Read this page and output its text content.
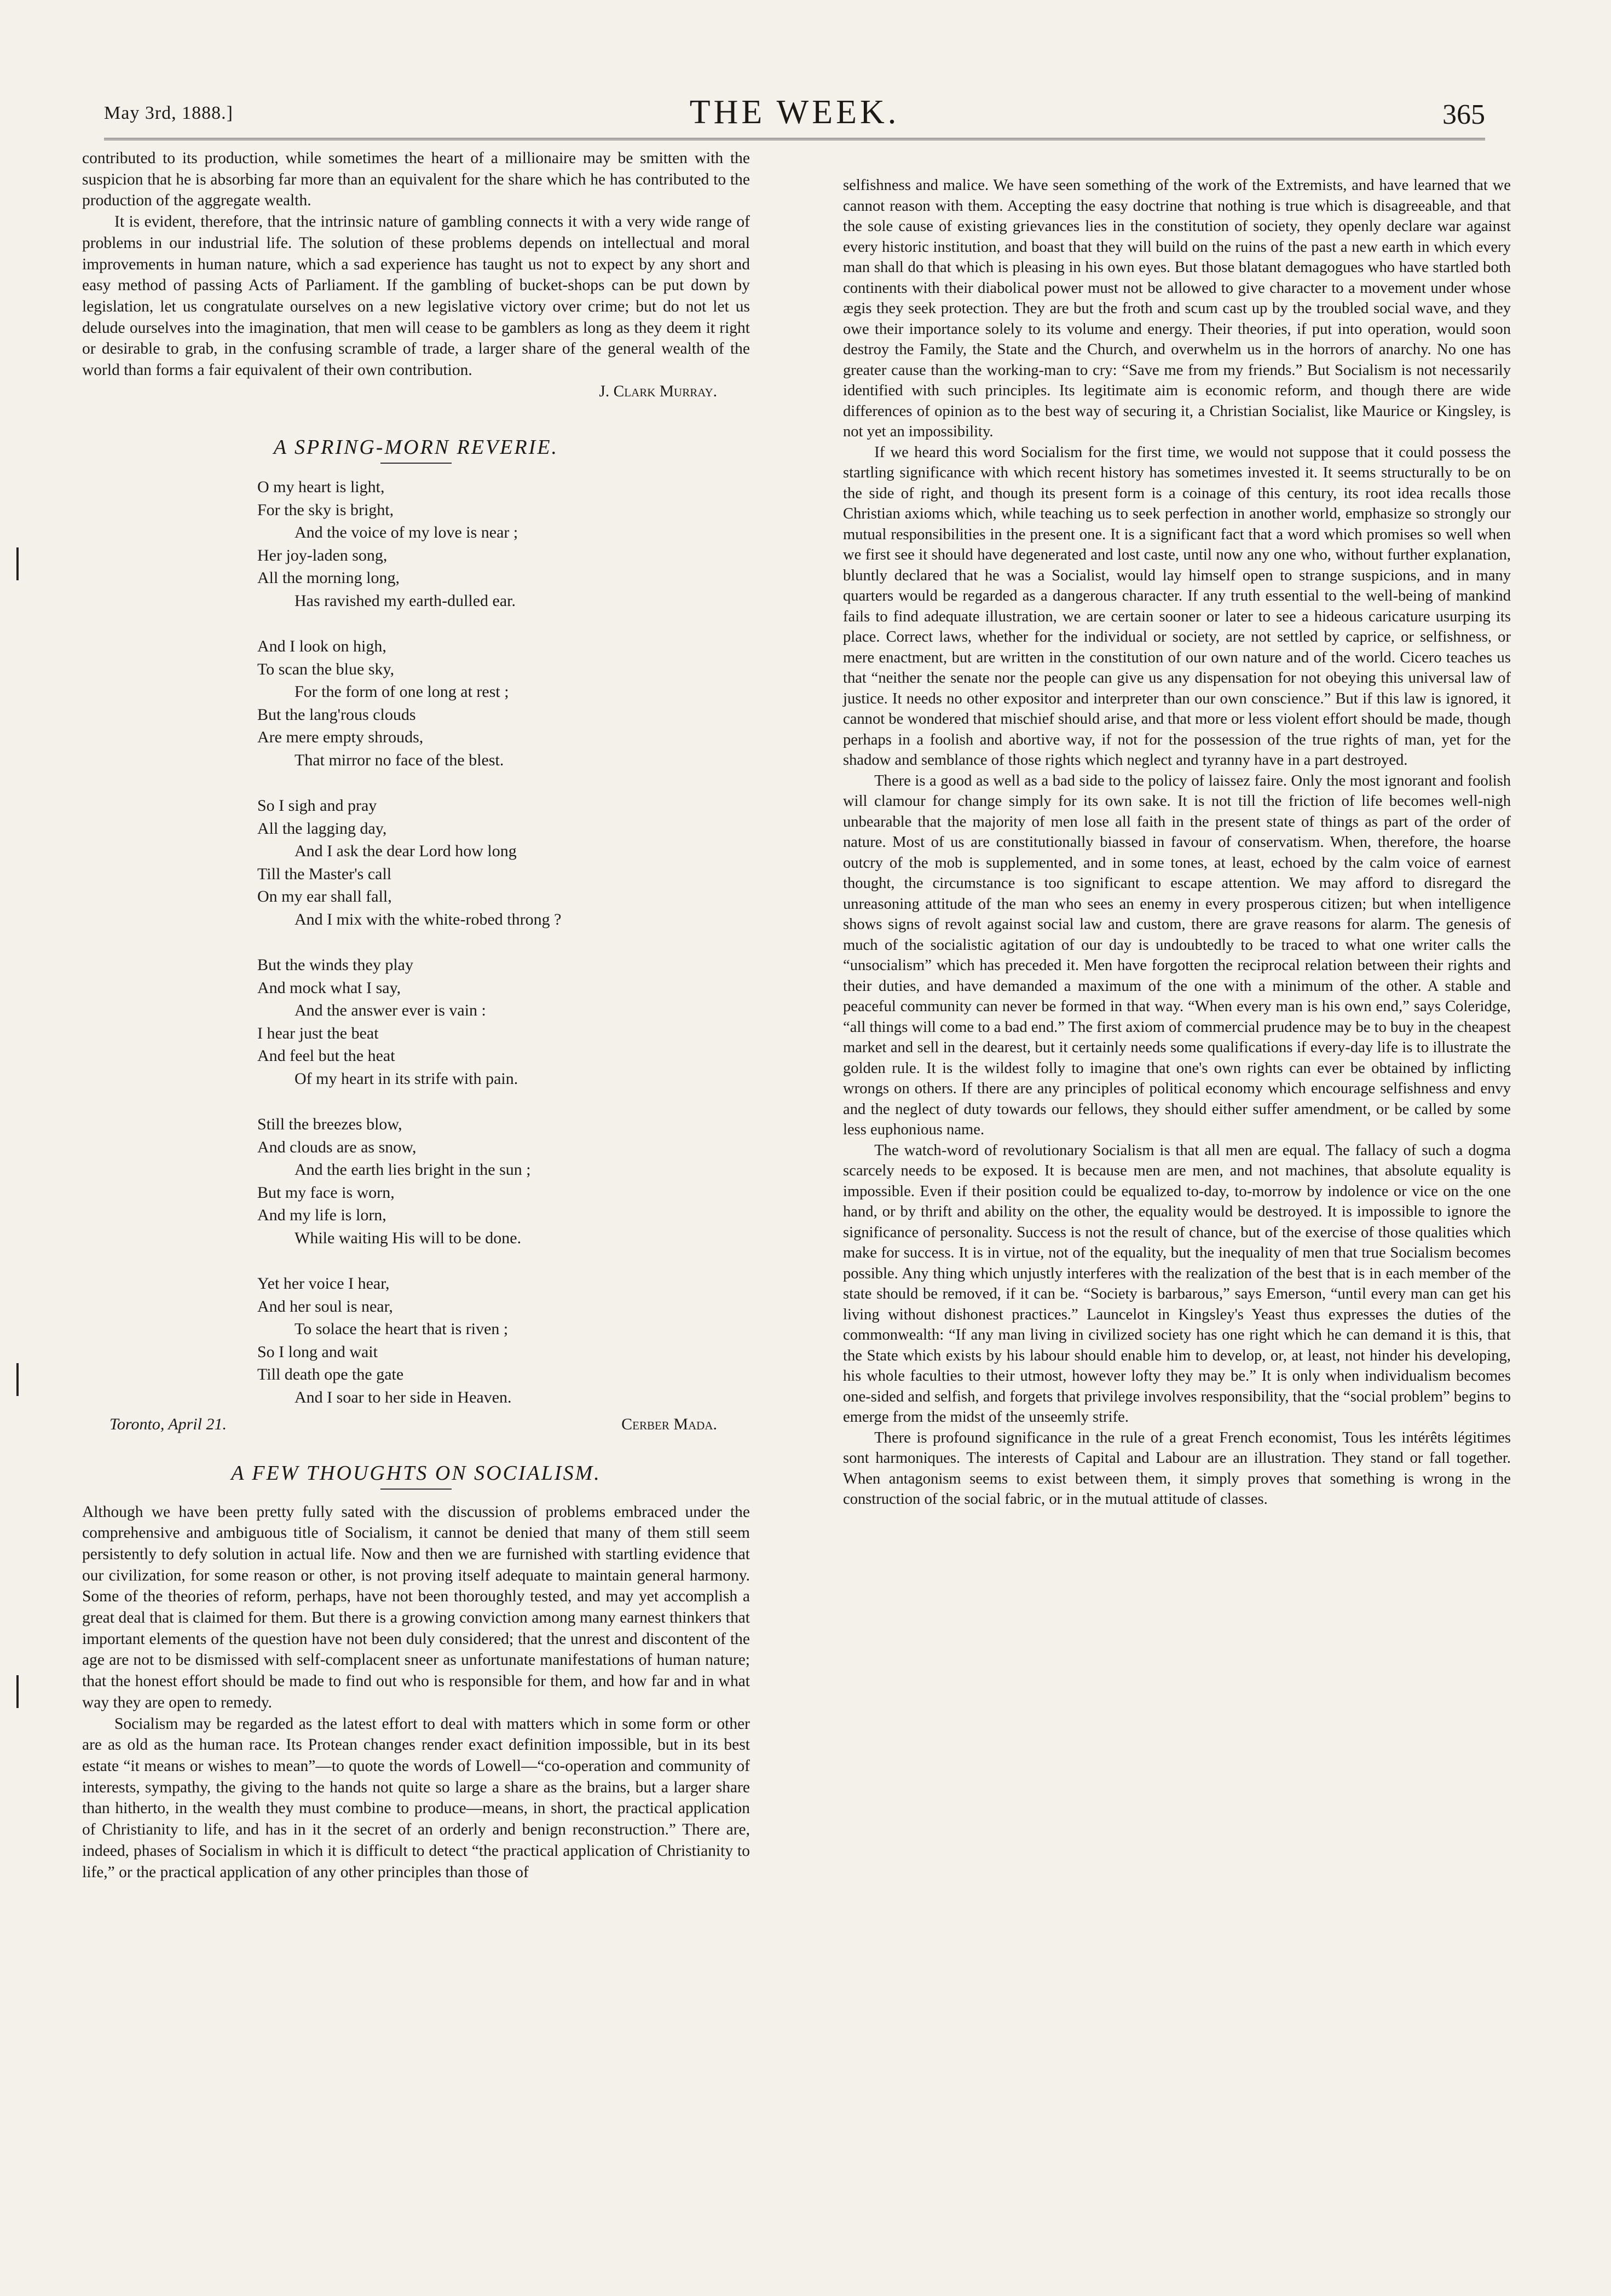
May 3rd, 1888.]	THE WEEK.	365

contributed to its production, while sometimes the heart of a millionaire may be smitten with the suspicion that he is absorbing far more than an equivalent for the share which he has contributed to the production of the aggregate wealth.

It is evident, therefore, that the intrinsic nature of gambling connects it with a very wide range of problems in our industrial life. The solution of these problems depends on intellectual and moral improvements in human nature, which a sad experience has taught us not to expect by any short and easy method of passing Acts of Parliament. If the gambling of bucket-shops can be put down by legislation, let us congratulate ourselves on a new legislative victory over crime; but do not let us delude ourselves into the imagination, that men will cease to be gamblers as long as they deem it right or desirable to grab, in the confusing scramble of trade, a larger share of the general wealth of the world than forms a fair equivalent of their own contribution.

J. Clark Murray.
A SPRING-MORN REVERIE.
O my heart is light,
For the sky is bright,
And the voice of my love is near ;
Her joy-laden song,
All the morning long,
Has ravished my earth-dulled ear.
And I look on high,
To scan the blue sky,
For the form of one long at rest ;
But the lang'rous clouds
Are mere empty shrouds,
That mirror no face of the blest.
So I sigh and pray
All the lagging day,
And I ask the dear Lord how long
Till the Master's call
On my ear shall fall,
And I mix with the white-robed throng ?
But the winds they play
And mock what I say,
And the answer ever is vain :
I hear just the beat
And feel but the heat
Of my heart in its strife with pain.
Still the breezes blow,
And clouds are as snow,
And the earth lies bright in the sun ;
But my face is worn,
And my life is lorn,
While waiting His will to be done.
Yet her voice I hear,
And her soul is near,
To solace the heart that is riven ;
So I long and wait
Till death ope the gate
And I soar to her side in Heaven.
Toronto, April 21.	Cerber Mada.
A FEW THOUGHTS ON SOCIALISM.

Although we have been pretty fully sated with the discussion of problems embraced under the comprehensive and ambiguous title of Socialism, it cannot be denied that many of them still seem persistently to defy solution in actual life. Now and then we are furnished with startling evidence that our civilization, for some reason or other, is not proving itself adequate to maintain general harmony. Some of the theories of reform, perhaps, have not been thoroughly tested, and may yet accomplish a great deal that is claimed for them. But there is a growing conviction among many earnest thinkers that important elements of the question have not been duly considered; that the unrest and discontent of the age are not to be dismissed with self-complacent sneer as unfortunate manifestations of human nature; that the honest effort should be made to find out who is responsible for them, and how far and in what way they are open to remedy.

Socialism may be regarded as the latest effort to deal with matters which in some form or other are as old as the human race. Its Protean changes render exact definition impossible, but in its best estate “it means or wishes to mean”—to quote the words of Lowell—“co-operation and community of interests, sympathy, the giving to the hands not quite so large a share as the brains, but a larger share than hitherto, in the wealth they must combine to produce—means, in short, the practical application of Christianity to life, and has in it the secret of an orderly and benign reconstruction.” There are, indeed, phases of Socialism in which it is difficult to detect “the practical application of Christianity to life,” or the practical application of any other principles than those of

selfishness and malice. We have seen something of the work of the Extremists, and have learned that we cannot reason with them. Accepting the easy doctrine that nothing is true which is disagreeable, and that the sole cause of existing grievances lies in the constitution of society, they openly declare war against every historic institution, and boast that they will build on the ruins of the past a new earth in which every man shall do that which is pleasing in his own eyes. But those blatant demagogues who have startled both continents with their diabolical power must not be allowed to give character to a movement under whose ægis they seek protection. They are but the froth and scum cast up by the troubled social wave, and they owe their importance solely to its volume and energy. Their theories, if put into operation, would soon destroy the Family, the State and the Church, and overwhelm us in the horrors of anarchy. No one has greater cause than the working-man to cry: “Save me from my friends.” But Socialism is not necessarily identified with such principles. Its legitimate aim is economic reform, and though there are wide differences of opinion as to the best way of securing it, a Christian Socialist, like Maurice or Kingsley, is not yet an impossibility.

If we heard this word Socialism for the first time, we would not suppose that it could possess the startling significance with which recent history has sometimes invested it. It seems structurally to be on the side of right, and though its present form is a coinage of this century, its root idea recalls those Christian axioms which, while teaching us to seek perfection in another world, emphasize so strongly our mutual responsibilities in the present one. It is a significant fact that a word which promises so well when we first see it should have degenerated and lost caste, until now any one who, without further explanation, bluntly declared that he was a Socialist, would lay himself open to strange suspicions, and in many quarters would be regarded as a dangerous character. If any truth essential to the well-being of mankind fails to find adequate illustration, we are certain sooner or later to see a hideous caricature usurping its place. Correct laws, whether for the individual or society, are not settled by caprice, or selfishness, or mere enactment, but are written in the constitution of our own nature and of the world. Cicero teaches us that “neither the senate nor the people can give us any dispensation for not obeying this universal law of justice. It needs no other expositor and interpreter than our own conscience.” But if this law is ignored, it cannot be wondered that mischief should arise, and that more or less violent effort should be made, though perhaps in a foolish and abortive way, if not for the possession of the true rights of man, yet for the shadow and semblance of those rights which neglect and tyranny have in a part destroyed.

There is a good as well as a bad side to the policy of laissez faire. Only the most ignorant and foolish will clamour for change simply for its own sake. It is not till the friction of life becomes well-nigh unbearable that the majority of men lose all faith in the present state of things as part of the order of nature. Most of us are constitutionally biassed in favour of conservatism. When, therefore, the hoarse outcry of the mob is supplemented, and in some tones, at least, echoed by the calm voice of earnest thought, the circumstance is too significant to escape attention. We may afford to disregard the unreasoning attitude of the man who sees an enemy in every prosperous citizen; but when intelligence shows signs of revolt against social law and custom, there are grave reasons for alarm. The genesis of much of the socialistic agitation of our day is undoubtedly to be traced to what one writer calls the “unsocialism” which has preceded it. Men have forgotten the reciprocal relation between their rights and their duties, and have demanded a maximum of the one with a minimum of the other. A stable and peaceful community can never be formed in that way. “When every man is his own end,” says Coleridge, “all things will come to a bad end.” The first axiom of commercial prudence may be to buy in the cheapest market and sell in the dearest, but it certainly needs some qualifications if every-day life is to illustrate the golden rule. It is the wildest folly to imagine that one's own rights can ever be obtained by inflicting wrongs on others. If there are any principles of political economy which encourage selfishness and envy and the neglect of duty towards our fellows, they should either suffer amendment, or be called by some less euphonious name.

The watch-word of revolutionary Socialism is that all men are equal. The fallacy of such a dogma scarcely needs to be exposed. It is because men are men, and not machines, that absolute equality is impossible. Even if their position could be equalized to-day, to-morrow by indolence or vice on the one hand, or by thrift and ability on the other, the equality would be destroyed. It is impossible to ignore the significance of personality. Success is not the result of chance, but of the exercise of those qualities which make for success. It is in virtue, not of the equality, but the inequality of men that true Socialism becomes possible. Any thing which unjustly interferes with the realization of the best that is in each member of the state should be removed, if it can be. “Society is barbarous,” says Emerson, “until every man can get his living without dishonest practices.” Launcelot in Kingsley's Yeast thus expresses the duties of the commonwealth: “If any man living in civilized society has one right which he can demand it is this, that the State which exists by his labour should enable him to develop, or, at least, not hinder his developing, his whole faculties to their utmost, however lofty they may be.” It is only when individualism becomes one-sided and selfish, and forgets that privilege involves responsibility, that the “social problem” begins to emerge from the midst of the unseemly strife.

There is profound significance in the rule of a great French economist, Tous les intérêts légitimes sont harmoniques. The interests of Capital and Labour are an illustration. They stand or fall together. When antagonism seems to exist between them, it simply proves that something is wrong in the construction of the social fabric, or in the mutual attitude of classes.
